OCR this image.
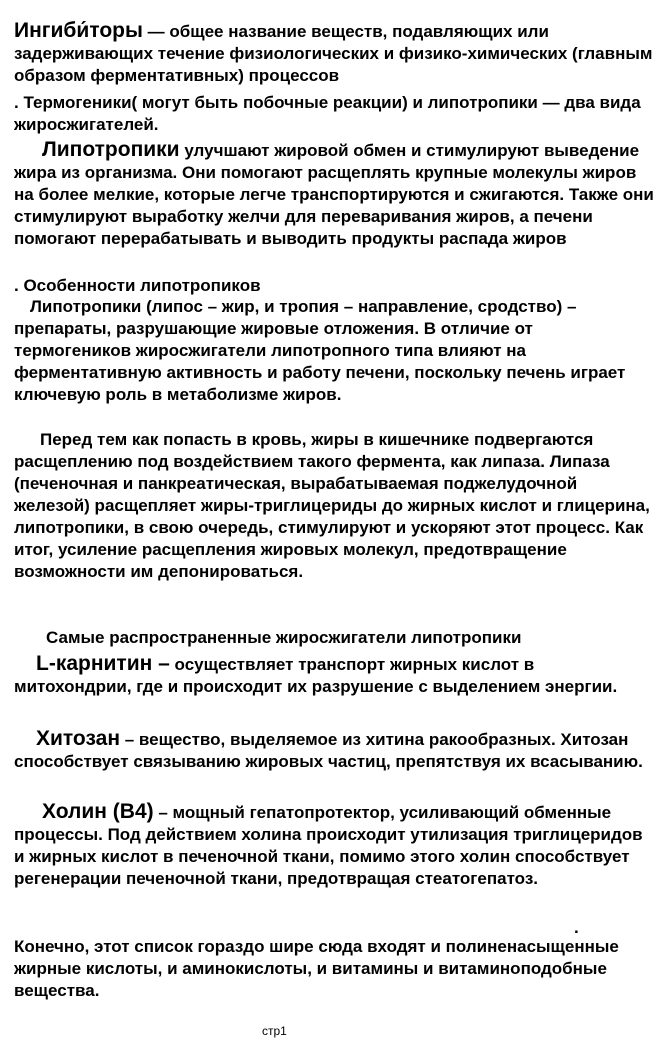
Ингиби́торы — общее название веществ, подавляющих или задерживающих течение физиологических и физико-химических (главным образом ферментативных) процессов

. Термогеники( могут быть побочные реакции) и липотропики — два вида жиросжигателей.

Липотропики улучшают жировой обмен и стимулируют выведение жира из организма. Они помогают расщеплять крупные молекулы жиров на более мелкие, которые легче транспортируются и сжигаются. Также они стимулируют выработку желчи для переваривания жиров, а печени помогают перерабатывать и выводить продукты распада жиров

. Особенности липотропиков

Липотропики (липос – жир, и тропия – направление, сродство) – препараты, разрушающие жировые отложения. В отличие от термогеников жиросжигатели липотропного типа влияют на ферментативную активность и работу печени, поскольку печень играет ключевую роль в метаболизме жиров.

Перед тем как попасть в кровь, жиры в кишечнике подвергаются расщеплению под воздействием такого фермента, как липаза. Липаза (печеночная и панкреатическая, вырабатываемая поджелудочной железой) расщепляет жиры-триглицериды до жирных кислот и глицерина, липотропики, в свою очередь, стимулируют и ускоряют этот процесс. Как итог, усиление расщепления жировых молекул, предотвращение возможности им депонироваться.

Самые распространенные жиросжигатели липотропики

L-карнитин – осуществляет транспорт жирных кислот в митохондрии, где и происходит их разрушение с выделением энергии.

Хитозан – вещество, выделяемое из хитина ракообразных. Хитозан способствует связыванию жировых частиц, препятствуя их всасыванию.

Холин (В4) – мощный гепатопротектор, усиливающий обменные процессы. Под действием холина происходит утилизация триглицеридов и жирных кислот в печеночной ткани, помимо этого холин способствует регенерации печеночной ткани, предотвращая стеатогепатоз.

.

Конечно, этот список гораздо шире сюда входят и полиненасыщенные жирные кислоты, и аминокислоты, и витамины и витаминоподобные вещества.

стр1
